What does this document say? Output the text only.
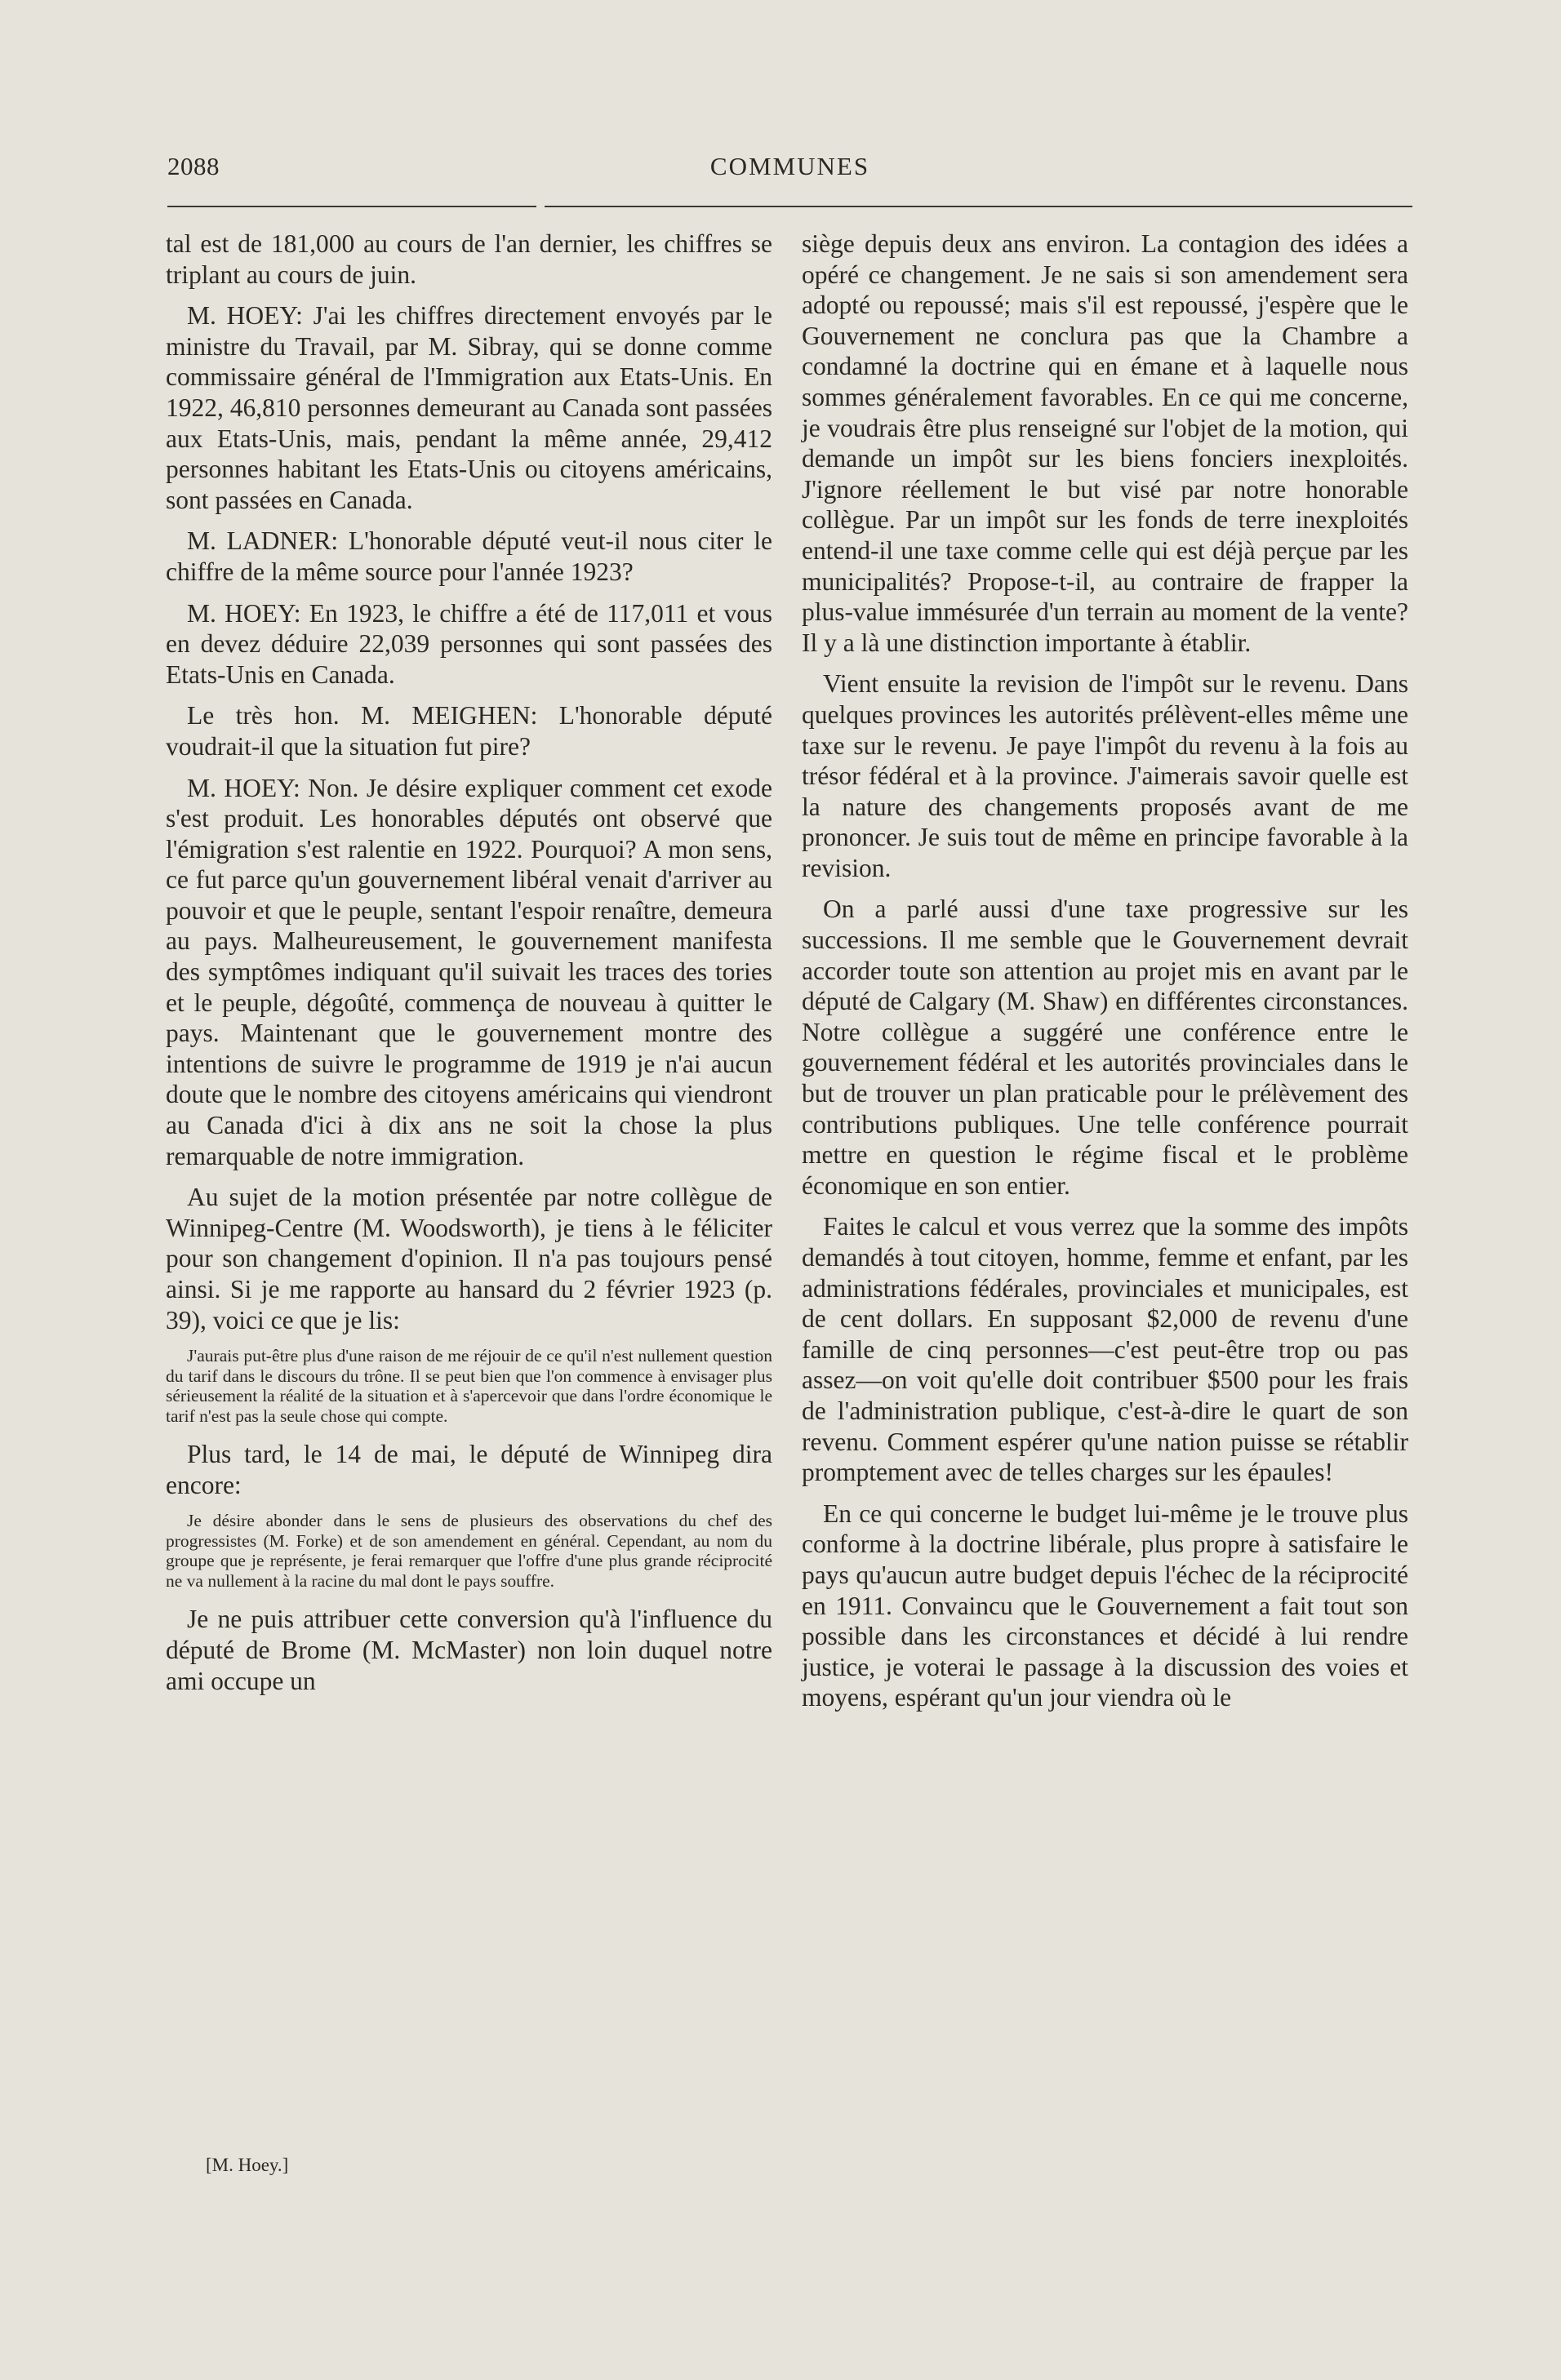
2088	COMMUNES

tal est de 181,000 au cours de l'an dernier, les chiffres se triplant au cours de juin.

M. HOEY: J'ai les chiffres directement envoyés par le ministre du Travail, par M. Sibray, qui se donne comme commissaire général de l'Immigration aux Etats-Unis. En 1922, 46,810 personnes demeurant au Canada sont passées aux Etats-Unis, mais, pendant la même année, 29,412 personnes habitant les Etats-Unis ou citoyens américains, sont passées en Canada.

M. LADNER: L'honorable député veut-il nous citer le chiffre de la même source pour l'année 1923?

M. HOEY: En 1923, le chiffre a été de 117,011 et vous en devez déduire 22,039 personnes qui sont passées des Etats-Unis en Canada.

Le très hon. M. MEIGHEN: L'honorable député voudrait-il que la situation fut pire?

M. HOEY: Non. Je désire expliquer comment cet exode s'est produit. Les honorables députés ont observé que l'émigration s'est ralentie en 1922. Pourquoi? A mon sens, ce fut parce qu'un gouvernement libéral venait d'arriver au pouvoir et que le peuple, sentant l'espoir renaître, demeura au pays. Malheureusement, le gouvernement manifesta des symptômes indiquant qu'il suivait les traces des tories et le peuple, dégoûté, commença de nouveau à quitter le pays. Maintenant que le gouvernement montre des intentions de suivre le programme de 1919 je n'ai aucun doute que le nombre des citoyens américains qui viendront au Canada d'ici à dix ans ne soit la chose la plus remarquable de notre immigration.

Au sujet de la motion présentée par notre collègue de Winnipeg-Centre (M. Woodsworth), je tiens à le féliciter pour son changement d'opinion. Il n'a pas toujours pensé ainsi. Si je me rapporte au hansard du 2 février 1923 (p. 39), voici ce que je lis:

J'aurais put-être plus d'une raison de me réjouir de ce qu'il n'est nullement question du tarif dans le discours du trône. Il se peut bien que l'on commence à envisager plus sérieusement la réalité de la situation et à s'apercevoir que dans l'ordre économique le tarif n'est pas la seule chose qui compte.

Plus tard, le 14 de mai, le député de Winnipeg dira encore:

Je désire abonder dans le sens de plusieurs des observations du chef des progressistes (M. Forke) et de son amendement en général. Cependant, au nom du groupe que je représente, je ferai remarquer que l'offre d'une plus grande réciprocité ne va nullement à la racine du mal dont le pays souffre.

Je ne puis attribuer cette conversion qu'à l'influence du député de Brome (M. McMaster) non loin duquel notre ami occupe un

siège depuis deux ans environ. La contagion des idées a opéré ce changement. Je ne sais si son amendement sera adopté ou repoussé; mais s'il est repoussé, j'espère que le Gouvernement ne conclura pas que la Chambre a condamné la doctrine qui en émane et à laquelle nous sommes généralement favorables. En ce qui me concerne, je voudrais être plus renseigné sur l'objet de la motion, qui demande un impôt sur les biens fonciers inexploités. J'ignore réellement le but visé par notre honorable collègue. Par un impôt sur les fonds de terre inexploités entend-il une taxe comme celle qui est déjà perçue par les municipalités? Propose-t-il, au contraire de frapper la plus-value immésurée d'un terrain au moment de la vente? Il y a là une distinction importante à établir.

Vient ensuite la revision de l'impôt sur le revenu. Dans quelques provinces les autorités prélèvent-elles même une taxe sur le revenu. Je paye l'impôt du revenu à la fois au trésor fédéral et à la province. J'aimerais savoir quelle est la nature des changements proposés avant de me prononcer. Je suis tout de même en principe favorable à la revision.

On a parlé aussi d'une taxe progressive sur les successions. Il me semble que le Gouvernement devrait accorder toute son attention au projet mis en avant par le député de Calgary (M. Shaw) en différentes circonstances. Notre collègue a suggéré une conférence entre le gouvernement fédéral et les autorités provinciales dans le but de trouver un plan praticable pour le prélèvement des contributions publiques. Une telle conférence pourrait mettre en question le régime fiscal et le problème économique en son entier.

Faites le calcul et vous verrez que la somme des impôts demandés à tout citoyen, homme, femme et enfant, par les administrations fédérales, provinciales et municipales, est de cent dollars. En supposant $2,000 de revenu d'une famille de cinq personnes—c'est peut-être trop ou pas assez—on voit qu'elle doit contribuer $500 pour les frais de l'administration publique, c'est-à-dire le quart de son revenu. Comment espérer qu'une nation puisse se rétablir promptement avec de telles charges sur les épaules!

En ce qui concerne le budget lui-même je le trouve plus conforme à la doctrine libérale, plus propre à satisfaire le pays qu'aucun autre budget depuis l'échec de la réciprocité en 1911. Convaincu que le Gouvernement a fait tout son possible dans les circonstances et décidé à lui rendre justice, je voterai le passage à la discussion des voies et moyens, espérant qu'un jour viendra où le

[M. Hoey.]
